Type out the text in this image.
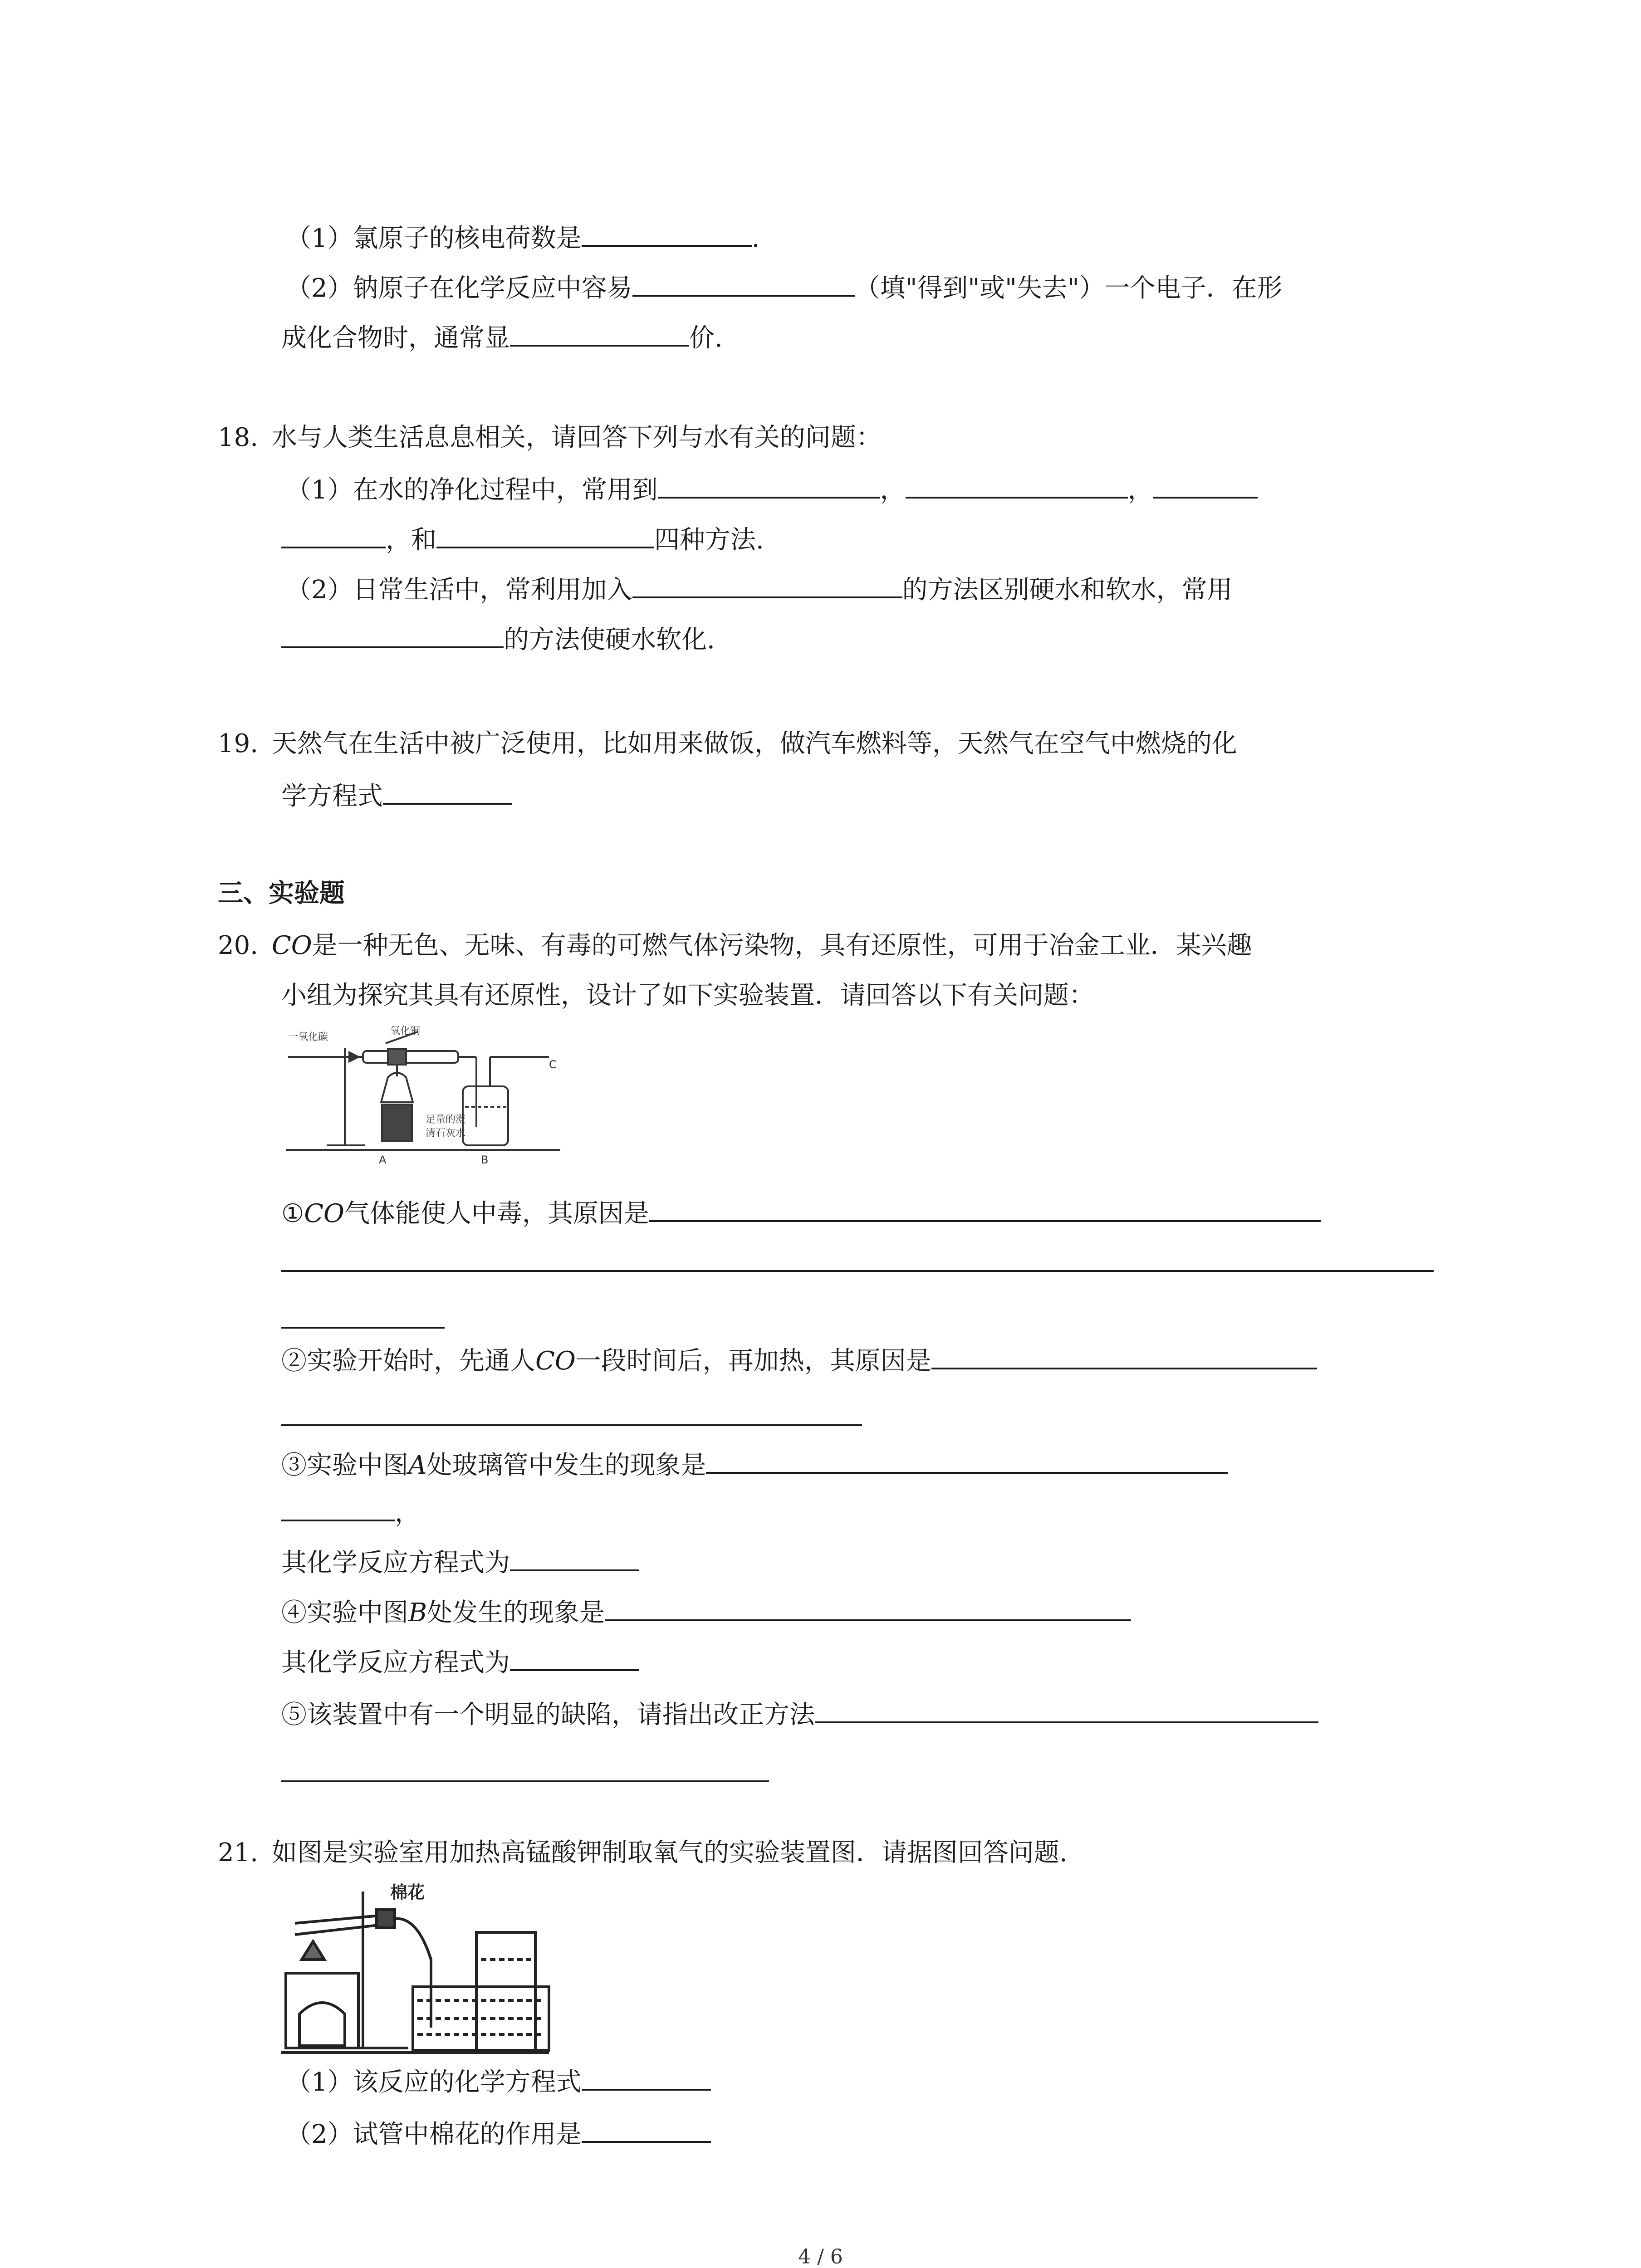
（1）氯原子的核电荷数是	.
（2）钠原子在化学反应中容易	（填"得到"或"失去"）一个电子．在形
成化合物时，通常显	价.
18. 水与人类生活息息相关，请回答下列与水有关的问题：
（1）在水的净化过程中，常用到	，	，
，和	四种方法.
（2）日常生活中，常利用加入	的方法区别硬水和软水，常用
的方法使硬水软化.
19. 天然气在生活中被广泛使用，比如用来做饭，做汽车燃料等，天然气在空气中燃烧的化
学方程式
三、实验题
20. CO是一种无色、无味、有毒的可燃气体污染物，具有还原性，可用于冶金工业．某兴趣
小组为探究其具有还原性，设计了如下实验装置．请回答以下有关问题：
一氧化碳
氧化铜
足量的澄
清石灰水
A	B
C
①CO气体能使人中毒，其原因是
②实验开始时，先通人CO一段时间后，再加热，其原因是
③实验中图A处玻璃管中发生的现象是
，
其化学反应方程式为
④实验中图B处发生的现象是
其化学反应方程式为
⑤该装置中有一个明显的缺陷，请指出改正方法
21. 如图是实验室用加热高锰酸钾制取氧气的实验装置图．请据图回答问题.
棉花
（1）该反应的化学方程式
（2）试管中棉花的作用是
4 / 6
